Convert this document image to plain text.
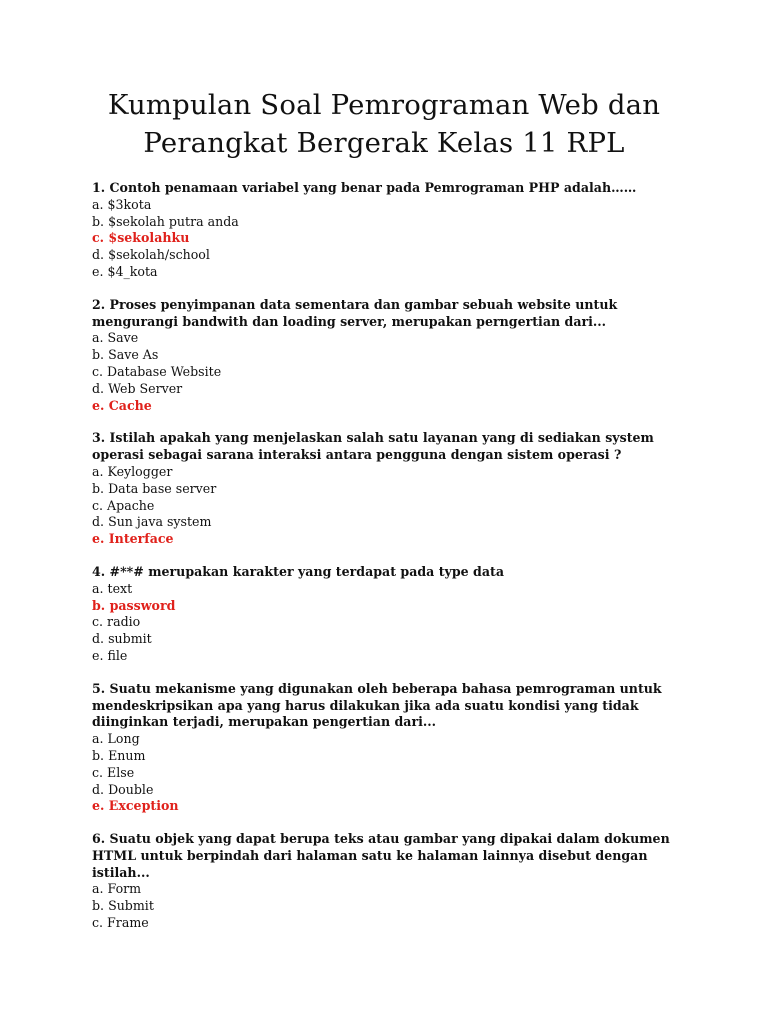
Kumpulan Soal Pemrograman Web dan
Perangkat Bergerak Kelas 11 RPL

1. Contoh penamaan variabel yang benar pada Pemrograman PHP adalah……

a. $3kota
b. $sekolah putra anda
c. $sekolahku
d. $sekolah/school
e. $4_kota

2. Proses penyimpanan data sementara dan gambar sebuah website untuk mengurangi bandwith dan loading server, merupakan perngertian dari...

a. Save
b. Save As
c. Database Website
d. Web Server
e. Cache

3. Istilah apakah yang menjelaskan salah satu layanan yang di sediakan system operasi sebagai sarana interaksi antara pengguna dengan sistem operasi ?

a. Keylogger
b. Data base server
c. Apache
d. Sun java system
e. Interface

4. #**# merupakan karakter yang terdapat pada type data

a. text
b. password
c. radio
d. submit
e. file

5. Suatu mekanisme yang digunakan oleh beberapa bahasa pemrograman untuk mendeskripsikan apa yang harus dilakukan jika ada suatu kondisi yang tidak diinginkan terjadi, merupakan pengertian dari...

a. Long
b. Enum
c. Else
d. Double
e. Exception

6. Suatu objek yang dapat berupa teks atau gambar yang dipakai dalam dokumen HTML untuk berpindah dari halaman satu ke halaman lainnya disebut dengan istilah...

a. Form
b. Submit
c. Frame
